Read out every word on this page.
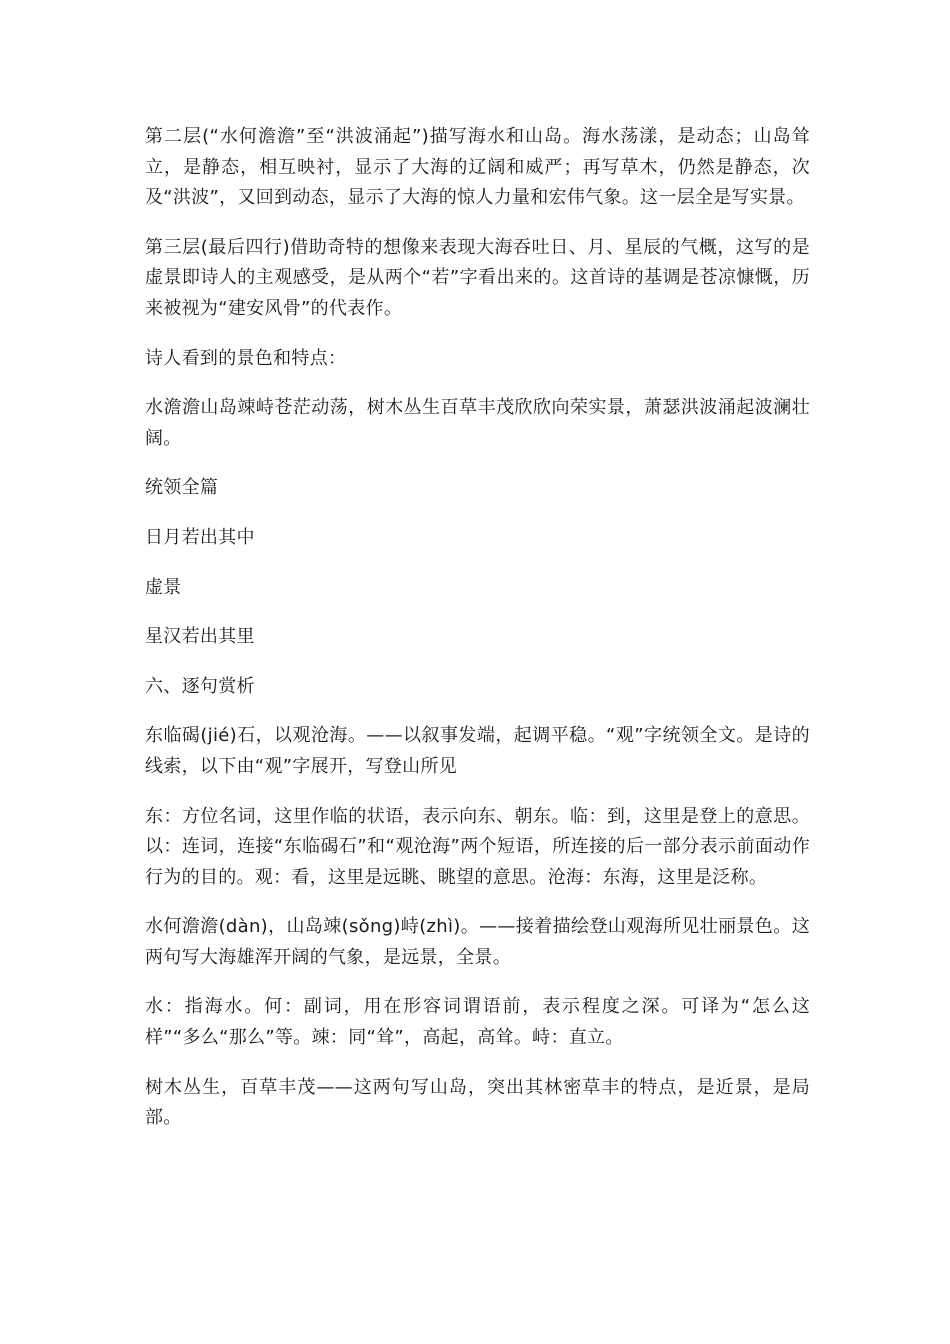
第二层(“水何澹澹”至“洪波涌起”)描写海水和山岛。海水荡漾，是动态；山岛耸立，是静态，相互映衬，显示了大海的辽阔和威严；再写草木，仍然是静态，次及“洪波”，又回到动态，显示了大海的惊人力量和宏伟气象。这一层全是写实景。

第三层(最后四行)借助奇特的想像来表现大海吞吐日、月、星辰的气概，这写的是虚景即诗人的主观感受，是从两个“若”字看出来的。这首诗的基调是苍凉慷慨，历来被视为“建安风骨”的代表作。

诗人看到的景色和特点：

水澹澹山岛竦峙苍茫动荡，树木丛生百草丰茂欣欣向荣实景，萧瑟洪波涌起波澜壮阔。

统领全篇

日月若出其中

虚景

星汉若出其里

六、逐句赏析

东临碣(jié)石，以观沧海。——以叙事发端，起调平稳。“观”字统领全文。是诗的线索，以下由“观”字展开，写登山所见

东：方位名词，这里作临的状语，表示向东、朝东。临：到，这里是登上的意思。以：连词，连接“东临碣石”和“观沧海”两个短语，所连接的后一部分表示前面动作行为的目的。观：看，这里是远眺、眺望的意思。沧海：东海，这里是泛称。

水何澹澹(dàn)，山岛竦(sǒng)峙(zhì)。——接着描绘登山观海所见壮丽景色。这两句写大海雄浑开阔的气象，是远景，全景。

水：指海水。何：副词，用在形容词谓语前，表示程度之深。可译为“怎么这样”“多么“那么”等。竦：同“耸”，高起，高耸。峙：直立。

树木丛生，百草丰茂——这两句写山岛，突出其林密草丰的特点，是近景，是局部。
